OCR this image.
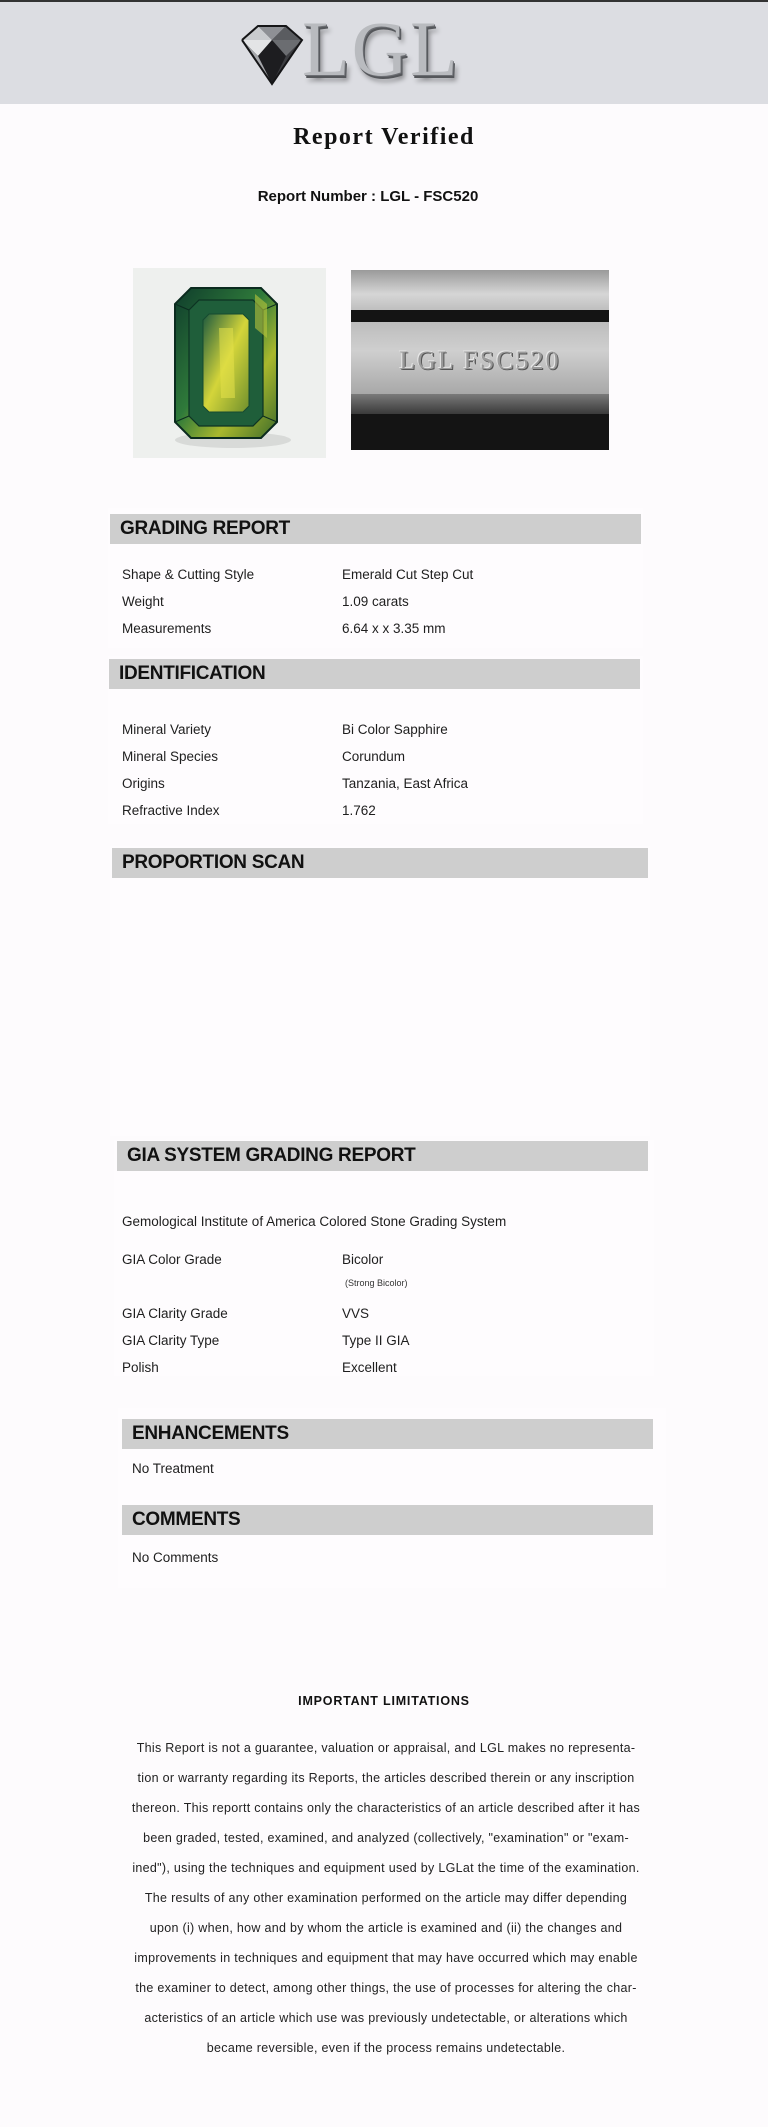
LGL
Report Verified
Report Number : LGL - FSC520
LGL FSC520
GRADING REPORT
Shape & Cutting Style	Emerald Cut Step Cut
Weight	1.09 carats
Measurements	6.64 x x 3.35 mm
IDENTIFICATION
Mineral Variety	Bi Color Sapphire
Mineral Species	Corundum
Origins	Tanzania, East Africa
Refractive Index	1.762
PROPORTION SCAN
GIA SYSTEM GRADING REPORT
Gemological Institute of America Colored Stone Grading System
GIA Color Grade	Bicolor
(Strong Bicolor)
GIA Clarity Grade	VVS
GIA Clarity Type	Type II GIA
Polish	Excellent
ENHANCEMENTS
No Treatment
COMMENTS
No Comments
IMPORTANT LIMITATIONS
This Report is not a guarantee, valuation or appraisal, and LGL makes no representa-
tion or warranty regarding its Reports, the articles described therein or any inscription
thereon. This reportt contains only the characteristics of an article described after it has
been graded, tested, examined, and analyzed (collectively, "examination" or "exam-
ined"), using the techniques and equipment used by LGLat the time of the examination.
The results of any other examination performed on the article may differ depending
upon (i) when, how and by whom the article is examined and (ii) the changes and
improvements in techniques and equipment that may have occurred which may enable
the examiner to detect, among other things, the use of processes for altering the char-
acteristics of an article which use was previously undetectable, or alterations which
became reversible, even if the process remains undetectable.
